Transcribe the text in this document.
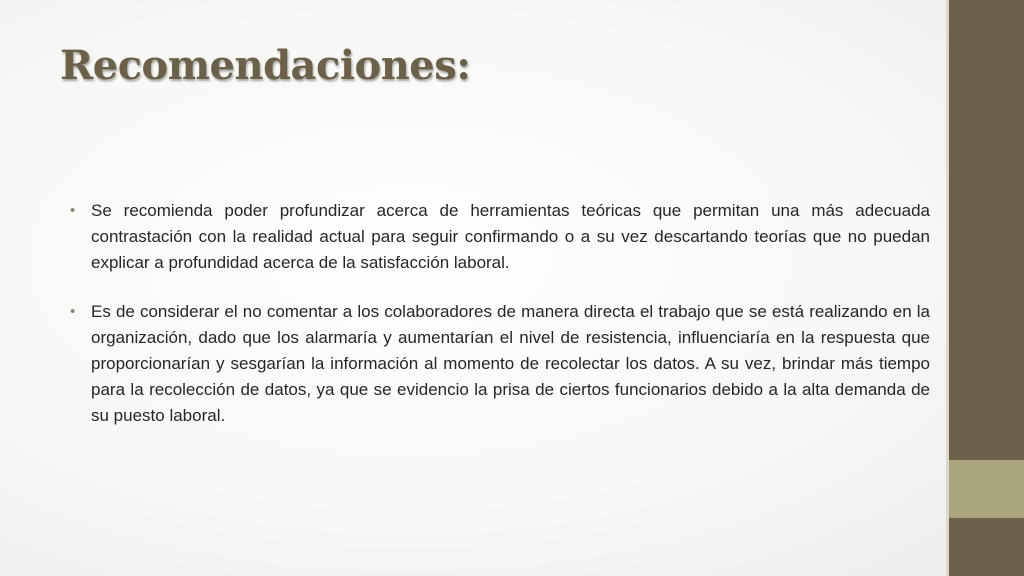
Recomendaciones:
• Se recomienda poder profundizar acerca de herramientas teóricas que permitan una más adecuada contrastación con la realidad actual para seguir confirmando o a su vez descartando teorías que no puedan explicar a profundidad acerca de la satisfacción laboral.
• Es de considerar el no comentar a los colaboradores de manera directa el trabajo que se está realizando en la organización, dado que los alarmaría y aumentarían el nivel de resistencia, influenciaría en la respuesta que proporcionarían y sesgarían la información al momento de recolectar los datos. A su vez, brindar más tiempo para la recolección de datos, ya que se evidencio la prisa de ciertos funcionarios debido a la alta demanda de su puesto laboral.
